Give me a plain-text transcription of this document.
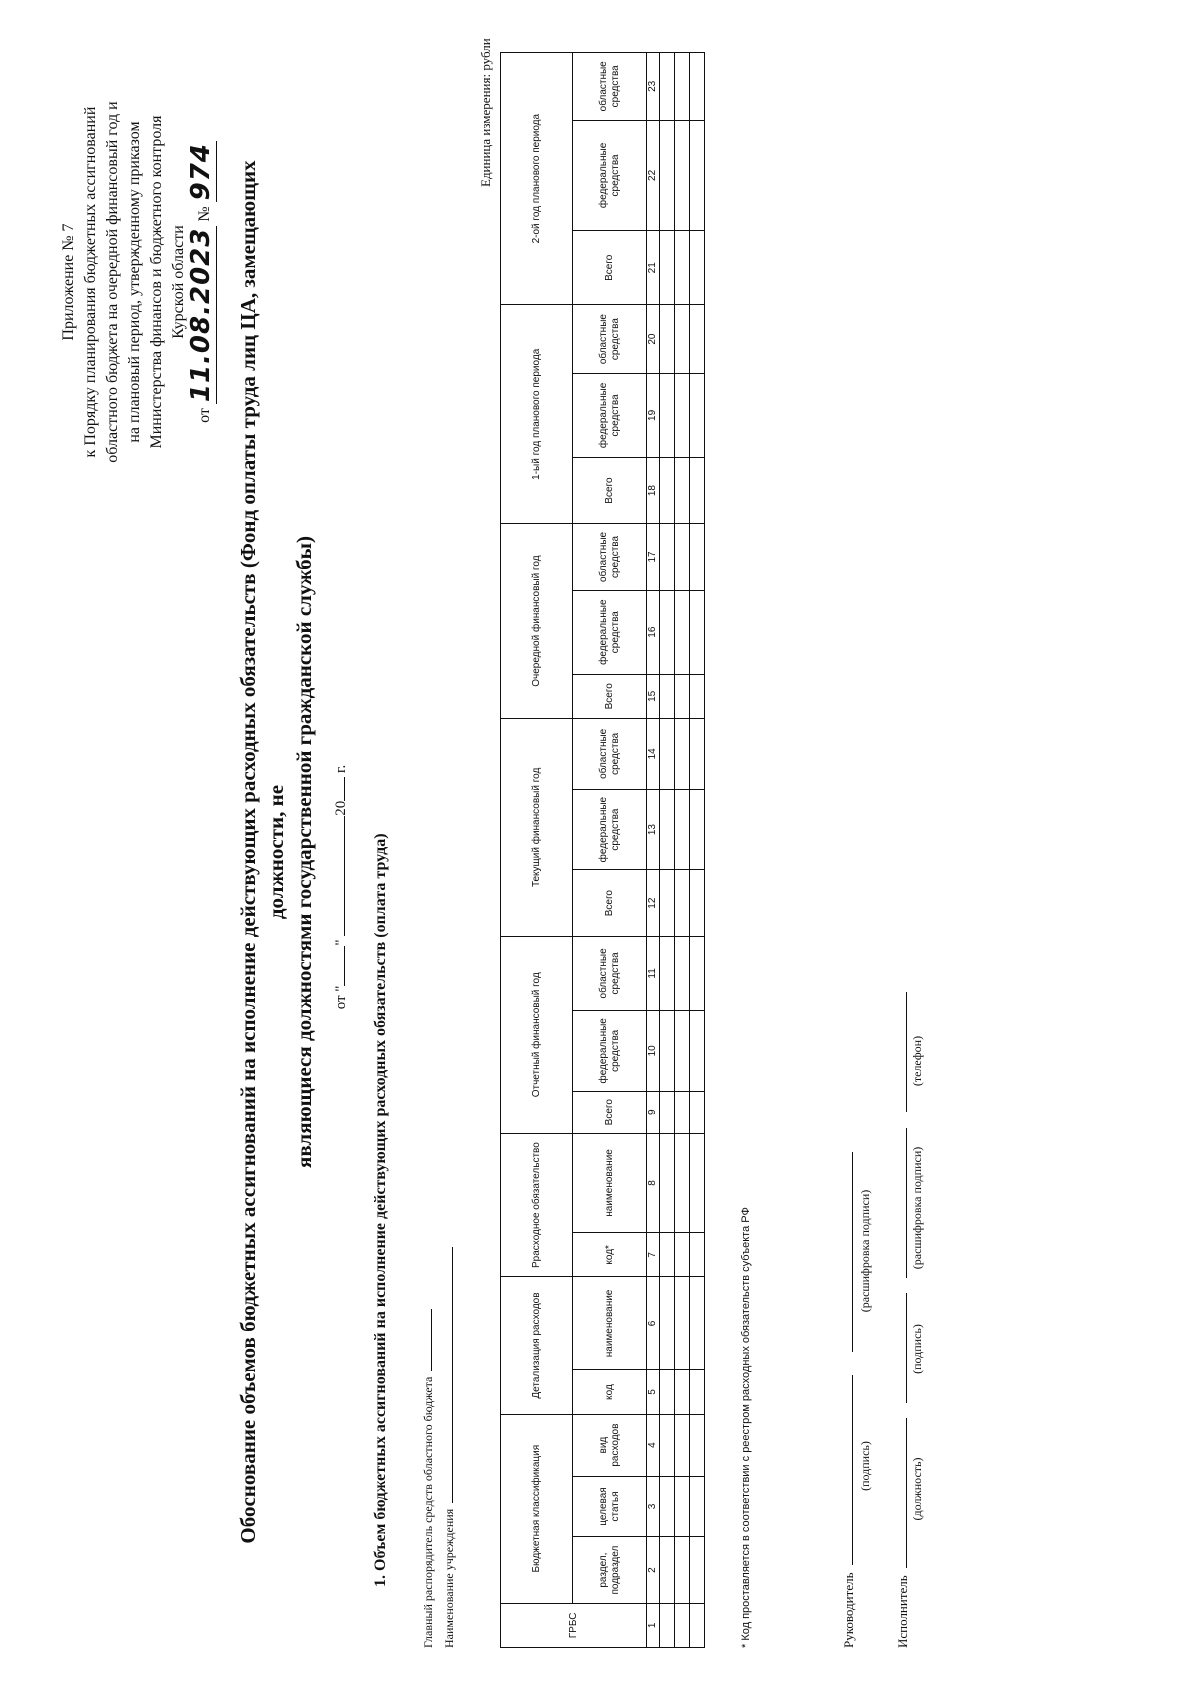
Приложение № 7 к Порядку планирования бюджетных ассигнований областного бюджета на очередной финансовый год и на плановый период, утвержденному приказом Министерства финансов и бюджетного контроля Курской области
от 11.08.2023 № 974 Обоснование объемов бюджетных ассигнований на исполнение действующих расходных обязательств (Фонд оплаты труда лиц ЦА, замещающих должности, не являющиеся должностями государственной гражданской службы) от "" 20 г.
1. Объем бюджетных ассигнований на исполнение действующих расходных обязательств (оплата труда)	Главный распорядитель средств областного бюджета Наименование учреждения
Единица измерения: рубли
ГРБС	Бюджетная классификация			Детализация расходов		Ррасходное обязательство		Отчетный финансовый год			Текущий финансовый год			Очередной финансовый год			1-ый год планового периода			2-ой год планового периода		
	раздел, подраздел	целевая статья	вид расходов	код	наименование	код*	наименование	Всего	федеральные средства	областные средства	Всего	федеральные средства	областные средства	Всего	федеральные средства	областные средства	Всего	федеральные средства	областные средства	Всего	федеральные средства	областные средства
1	2	3	4	5	6	7	8	9	10	11	12	13	14	15	16	17	18	19	20	21	22	23

* Код проставляется в соответствии с реестром расходных обязательств субъекта РФ	Руководитель
(подпись)
(расшифровка подписи)
Исполнитель
(должность)
(подпись)
(расшифровка подписи)
(телефон)
